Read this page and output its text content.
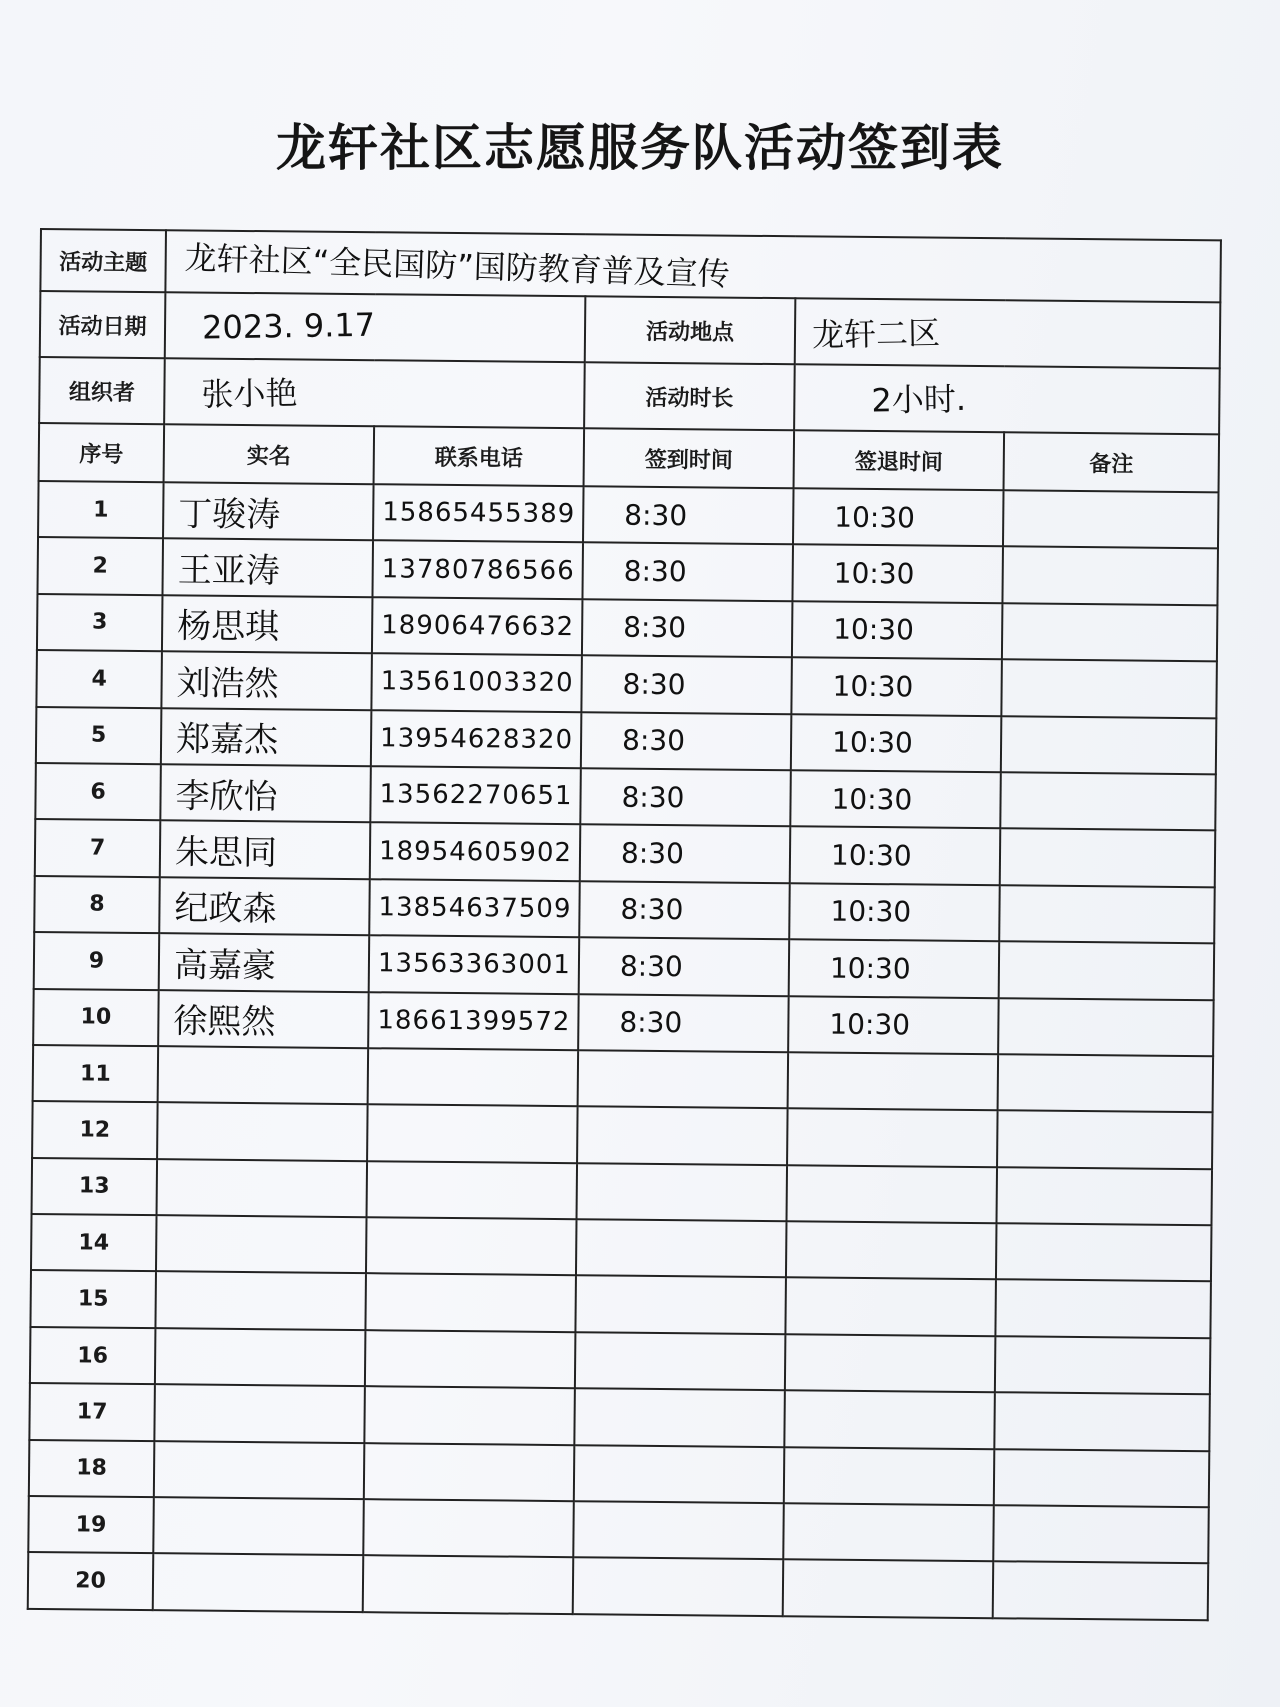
龙轩社区志愿服务队活动签到表
活动主题	龙轩社区“全民国防”国防教育普及宣传				
活动日期	2023. 9.17		活动地点	龙轩二区	
组织者	张小艳		活动时长	2小时.	
序号	实名	联系电话	签到时间	签退时间	备注
1	丁骏涛	15865455389	8:30	10:30	
2	王亚涛	13780786566	8:30	10:30	
3	杨思琪	18906476632	8:30	10:30	
4	刘浩然	13561003320	8:30	10:30	
5	郑嘉杰	13954628320	8:30	10:30	
6	李欣怡	13562270651	8:30	10:30	
7	朱思同	18954605902	8:30	10:30	
8	纪政森	13854637509	8:30	10:30	
9	高嘉豪	13563363001	8:30	10:30	
10	徐熙然	18661399572	8:30	10:30	
11					
12					
13					
14					
15					
16					
17					
18					
19					
20					
